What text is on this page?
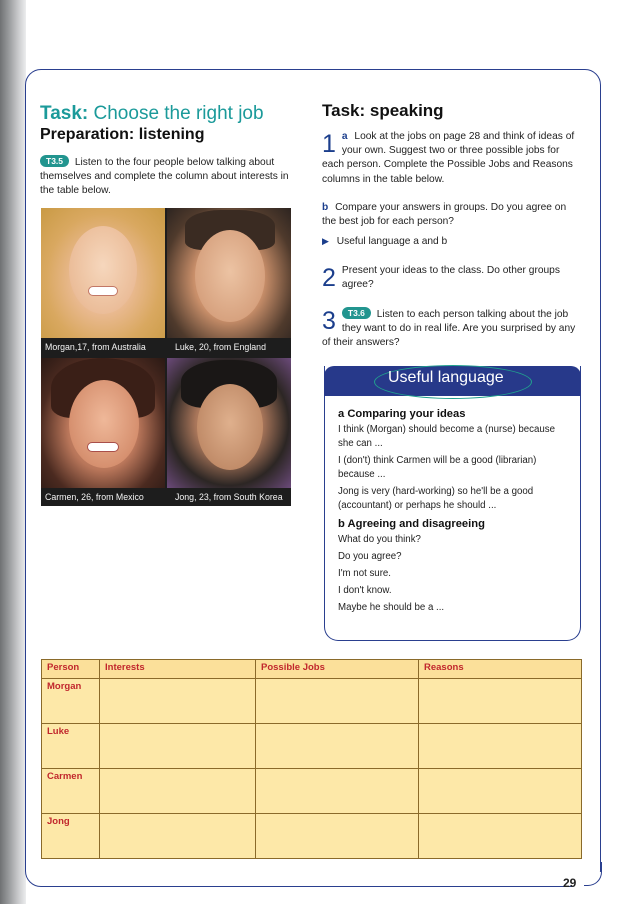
29
Task: Choose the right job
Preparation: listening
T3.5 Listen to the four people below talking about themselves and complete the column about interests in the table below.
Morgan,17, from Australia	Luke, 20, from England
Carmen, 26, from Mexico	Jong, 23, from South Korea
Task: speaking
1 a Look at the jobs on page 28 and think of ideas of your own. Suggest two or three possible jobs for each person. Complete the Possible Jobs and Reasons columns in the table below.
b Compare your answers in groups. Do you agree on the best job for each person?
▶ Useful language a and b
2 Present your ideas to the class. Do other groups agree?
3 T3.6 Listen to each person talking about the job they want to do in real life. Are you surprised by any of their answers?
Useful language
a Comparing your ideas
I think (Morgan) should become a (nurse) because she can ...
I (don't) think Carmen will be a good (librarian) because ...
Jong is very (hard-working) so he'll be a good (accountant) or perhaps he should ...
b Agreeing and disagreeing
What do you think?
Do you agree?
I'm not sure.
I don't know.
Maybe he should be a ...
Person	Interests	Possible Jobs	Reasons
Morgan			
Luke			
Carmen			
Jong			
